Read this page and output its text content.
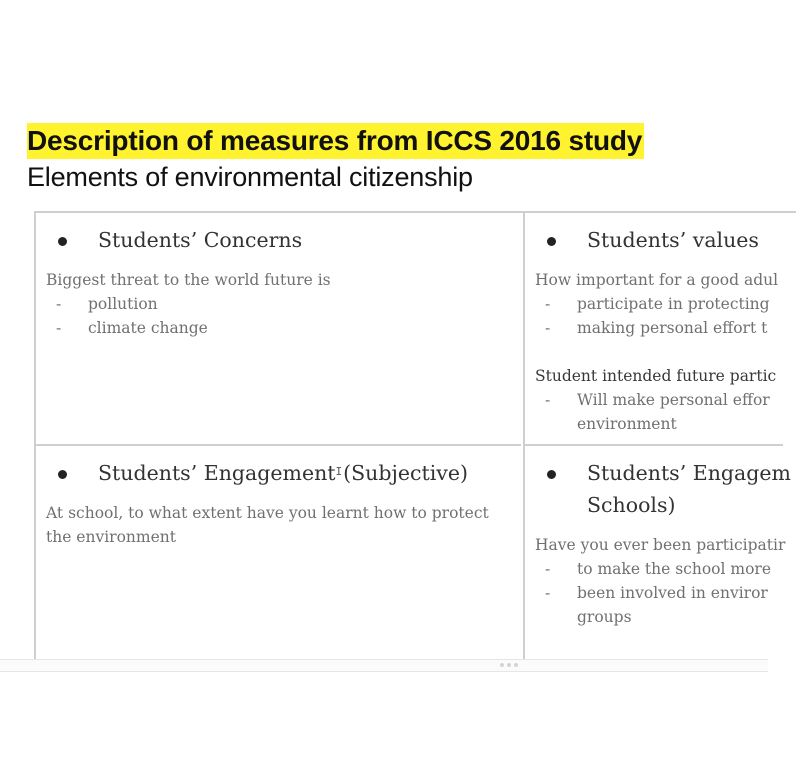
Description of measures from ICCS 2016 study
Elements of environmental citizenship
Students’ Concerns
Biggest threat to the world future is
- pollution
- climate change
Students’ values
How important for a good adul
- participate in protecting
- making personal effort t
Student intended future partic
- Will make personal effor
environment
Students’ EngagementI(Subjective)
At school, to what extent have you learnt how to protect the environment
Students’ Engagem
Schools)
Have you ever been participatir
- to make the school more
- been involved in enviror
groups
